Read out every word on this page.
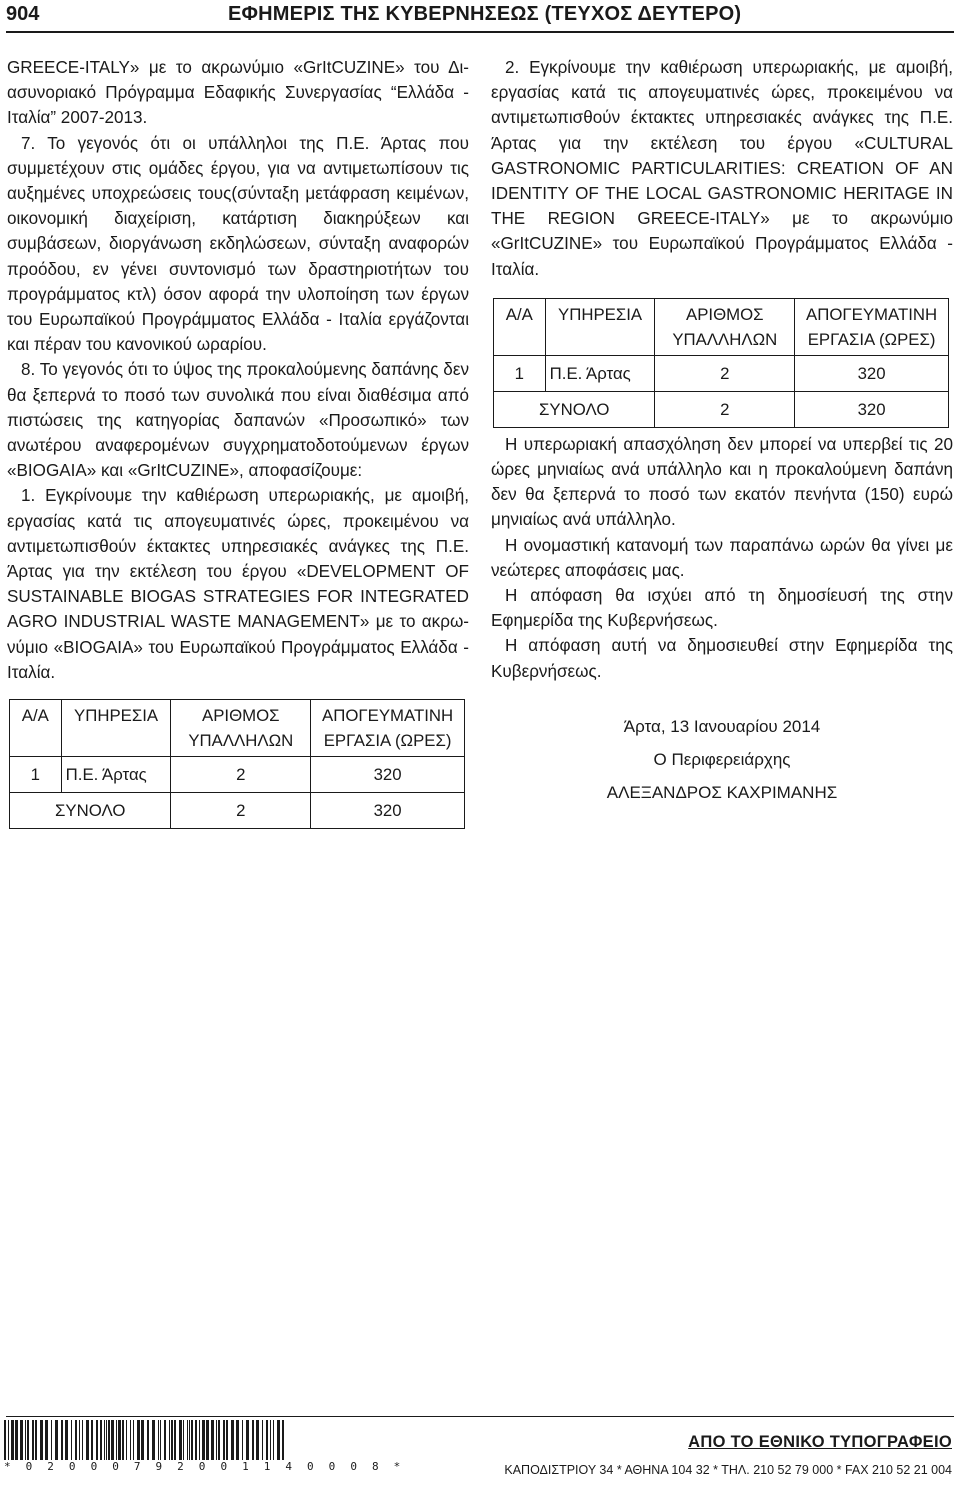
904	ΕΦΗΜΕΡΙΣ ΤΗΣ ΚΥΒΕΡΝΗΣΕΩΣ (ΤΕΥΧΟΣ ΔΕΥΤΕΡΟ)

GREECE-ITALY» με το ακρωνύμιο «GrItCUZINE» του Διασυνοριακό Πρόγραμμα Εδαφικής Συνεργασίας “Ελλάδα - Ιταλία” 2007-2013.

7. Το γεγονός ότι οι υπάλληλοι της Π.Ε. Άρτας που συμμετέχουν στις ομάδες έργου, για να αντιμετωπίσουν τις αυξημένες υποχρεώσεις τους(σύνταξη μετάφραση κειμένων, οικονομική διαχείριση, κατάρτιση διακηρύξεων και συμβάσεων, διοργάνωση εκδηλώσεων, σύνταξη αναφορών προόδου, εν γένει συντονισμό των δραστηριοτήτων του προγράμματος κτλ) όσον αφορά την υλοποίηση των έργων του Ευρωπαϊκού Προγράμματος Ελλάδα - Ιταλία εργάζονται και πέραν του κανονικού ωραρίου.

8. Το γεγονός ότι το ύψος της προκαλούμενης δαπάνης δεν θα ξεπερνά το ποσό των συνολικά που είναι διαθέσιμα από πιστώσεις της κατηγορίας δαπανών «Προσωπικό» των ανωτέρου αναφερομένων συγχρηματοδοτούμενων έργων «BIOGAIA» και «GrItCUZINE», αποφασίζουμε:

1. Εγκρίνουμε την καθιέρωση υπερωριακής, με αμοιβή, εργασίας κατά τις απογευματινές ώρες, προκειμένου να αντιμετωπισθούν έκτακτες υπηρεσιακές ανάγκες της Π.Ε. Άρτας για την εκτέλεση του έργου «DEVELOPMENT OF SUSTAINABLE BIOGAS STRATEGIES FOR INTEGRATED AGRO INDUSTRIAL WASTE MANAGEMENT» με το ακρωνύμιο «BIOGAIA» του Ευρωπαϊκού Προγράμματος Ελλάδα - Ιταλία.

Α/Α	ΥΠΗΡΕΣΙΑ	ΑΡΙΘΜΟΣ ΥΠΑΛΛΗΛΩΝ	ΑΠΟΓΕΥΜΑΤΙΝΗ ΕΡΓΑΣΙΑ (ΩΡΕΣ)
1	Π.Ε. Άρτας	2	320
ΣΥΝΟΛΟ		2	320

2. Εγκρίνουμε την καθιέρωση υπερωριακής, με αμοιβή, εργασίας κατά τις απογευματινές ώρες, προκειμένου να αντιμετωπισθούν έκτακτες υπηρεσιακές ανάγκες της Π.Ε. Άρτας για την εκτέλεση του έργου «CULTURAL GASTRONOMIC PARTICULARITIES: CREATION OF AN IDENTITY OF THE LOCAL GASTRONOMIC HERITAGE IN THE REGION GREECE-ITALY» με το ακρωνύμιο «GrItCUZINE» του Ευρωπαϊκού Προγράμματος Ελλάδα - Ιταλία.

Α/Α	ΥΠΗΡΕΣΙΑ	ΑΡΙΘΜΟΣ ΥΠΑΛΛΗΛΩΝ	ΑΠΟΓΕΥΜΑΤΙΝΗ ΕΡΓΑΣΙΑ (ΩΡΕΣ)
1	Π.Ε. Άρτας	2	320
ΣΥΝΟΛΟ		2	320

Η υπερωριακή απασχόληση δεν μπορεί να υπερβεί τις 20 ώρες μηνιαίως ανά υπάλληλο και η προκαλούμενη δαπάνη δεν θα ξεπερνά το ποσό των εκατόν πενήντα (150) ευρώ μηνιαίως ανά υπάλληλο.

Η ονομαστική κατανομή των παραπάνω ωρών θα γίνει με νεώτερες αποφάσεις μας.

Η απόφαση θα ισχύει από τη δημοσίευσή της στην Εφημερίδα της Κυβερνήσεως.

Η απόφαση αυτή να δημοσιευθεί στην Εφημερίδα της Κυβερνήσεως.

Άρτα, 13 Ιανουαρίου 2014
Ο Περιφερειάρχης
ΑΛΕΞΑΝΔΡΟΣ ΚΑΧΡΙΜΑΝΗΣ
* 0 2 0 0 0 7 9 2 0 0 1 1 4 0 0 0 8 *
ΑΠΟ ΤΟ ΕΘΝΙΚΟ ΤΥΠΟΓΡΑΦΕΙΟ
ΚΑΠΟΔΙΣΤΡΙΟΥ 34 * ΑΘΗΝΑ 104 32 * ΤΗΛ. 210 52 79 000 * FAX 210 52 21 004
